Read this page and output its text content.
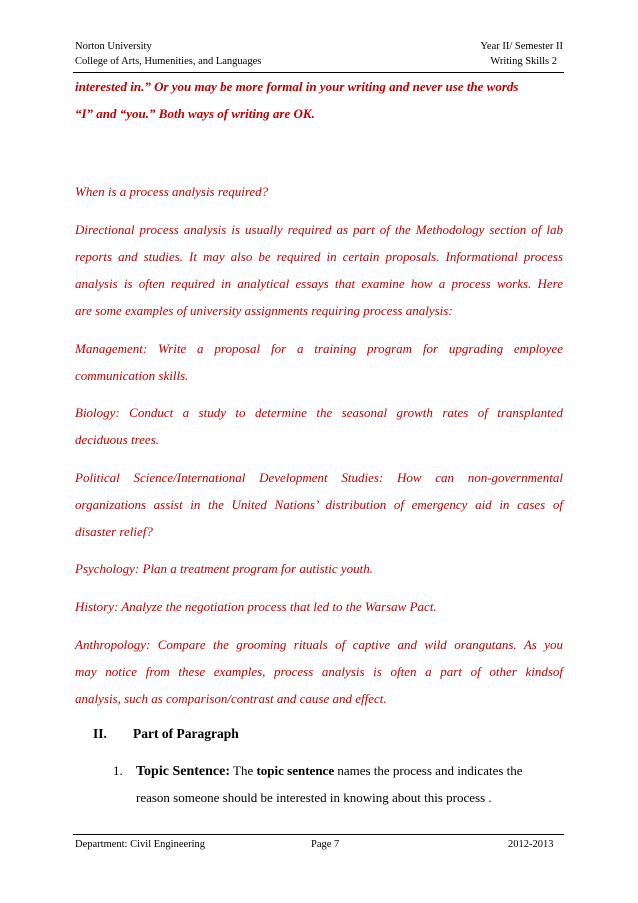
Norton University	Year II/ Semester II
College of Arts, Humenities, and Languages	Writing Skills 2
interested in.” Or you may be more formal in your writing and never use the words
“I” and “you.” Both ways of writing are OK.
When is a process analysis required?
Directional process analysis is usually required as part of the Methodology section of lab
reports and studies. It may also be required in certain proposals. Informational process
analysis is often required in analytical essays that examine how a process works. Here
are some examples of university assignments requiring process analysis:
Management: Write a proposal for a training program for upgrading employee
communication skills.
Biology: Conduct a study to determine the seasonal growth rates of transplanted
deciduous trees.
Political Science/International Development Studies: How can non-governmental
organizations assist in the United Nations’ distribution of emergency aid in cases of
disaster relief?
Psychology: Plan a treatment program for autistic youth.
History: Analyze the negotiation process that led to the Warsaw Pact.
Anthropology: Compare the grooming rituals of captive and wild orangutans. As you
may notice from these examples, process analysis is often a part of other kindsof
analysis, such as comparison/contrast and cause and effect.
II. Part of Paragraph
1. Topic Sentence: The topic sentence names the process and indicates the
reason someone should be interested in knowing about this process .
Department: Civil Engineering	Page 7	2012-2013
